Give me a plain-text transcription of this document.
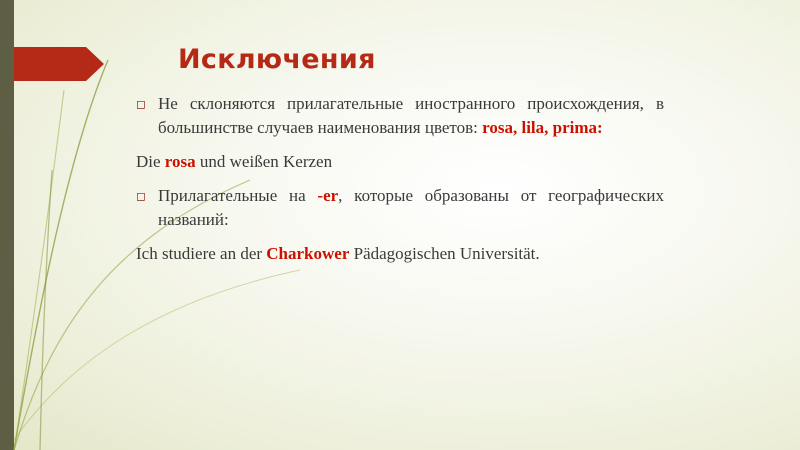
Исключения

◻ Не склоняются прилагательные иностранного происхождения, в большинстве случаев наименования цветов: rosa, lila, prima:

Die rosa und weißen Kerzen

◻ Прилагательные на -er, которые образованы от географических названий:

Ich studiere an der Charkower Pädagogischen Universität.
